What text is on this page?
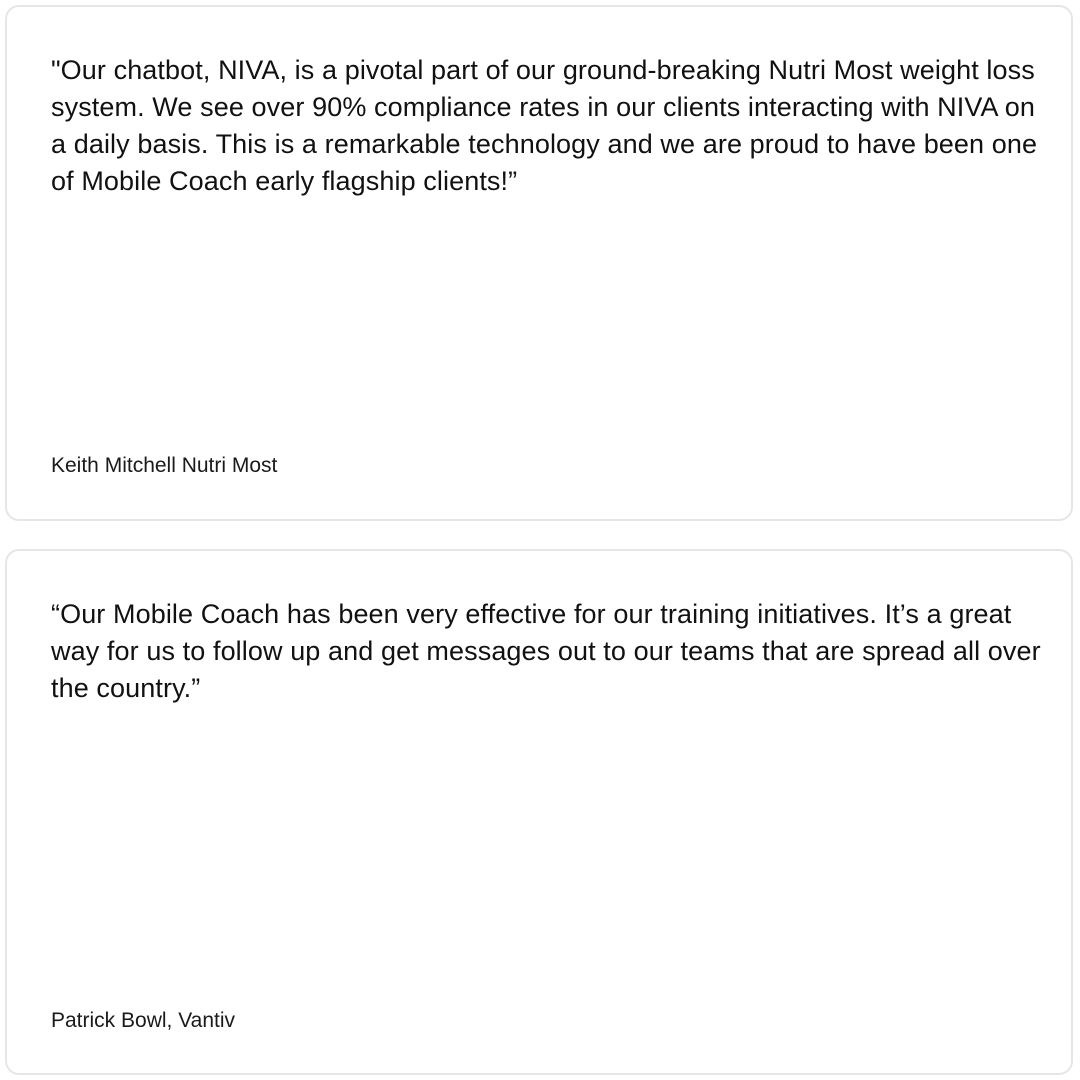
"Our chatbot, NIVA, is a pivotal part of our ground-breaking Nutri Most weight loss system. We see over 90% compliance rates in our clients interacting with NIVA on a daily basis. This is a remarkable technology and we are proud to have been one of Mobile Coach early flagship clients!”

Keith Mitchell Nutri Most

“Our Mobile Coach has been very effective for our training initiatives. It’s a great way for us to follow up and get messages out to our teams that are spread all over the country.”

Patrick Bowl, Vantiv
